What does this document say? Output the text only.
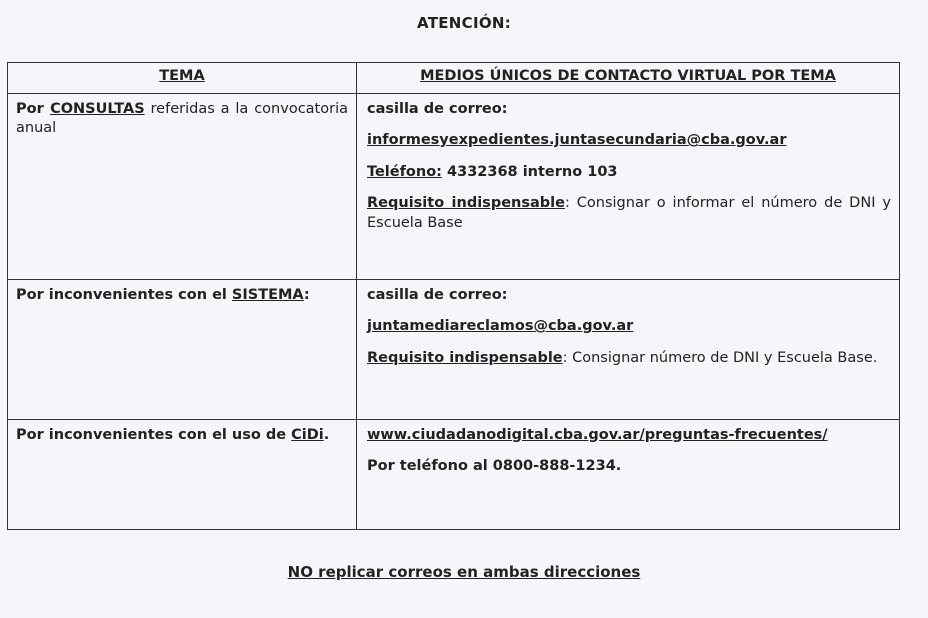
ATENCIÓN:
TEMA	MEDIOS ÚNICOS DE CONTACTO VIRTUAL POR TEMA
Por CONSULTAS referidas a la convocatoria anual	casilla de correo:
informesyexpedientes.juntasecundaria@cba.gov.ar
Teléfono: 4332368 interno 103
Requisito indispensable: Consignar o informar el número de DNI y Escuela Base

Por inconvenientes con el SISTEMA:	casilla de correo:
juntamediareclamos@cba.gov.ar
Requisito indispensable: Consignar número de DNI y Escuela Base.

Por inconvenientes con el uso de CiDi.	www.ciudadanodigital.cba.gov.ar/preguntas-frecuentes/
Por teléfono al 0800-888-1234.
NO replicar correos en ambas direcciones
